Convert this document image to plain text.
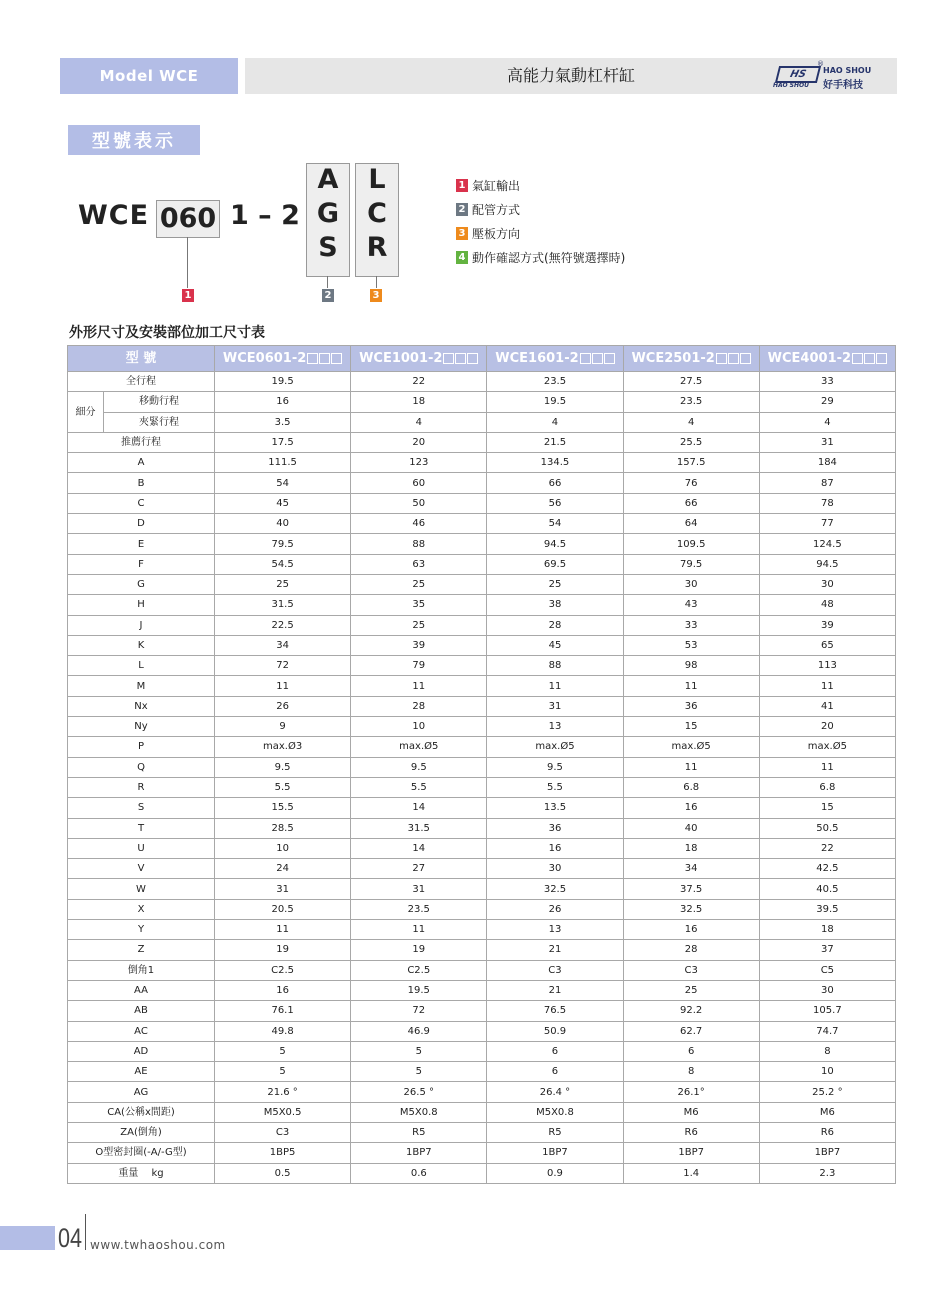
Model WCE	高能力氣動杠杆缸	HS
®
HAO SHOU
HAO SHOU
好手科技
型號表示
WCE 060 1 – 2
A
G
S
L
C
R
1	2	3
1 氣缸輸出
2 配管方式
3 壓板方向
4 動作確認方式(無符號選擇時)
外形尺寸及安裝部位加工尺寸表
型 號		WCE0601-2	WCE1001-2	WCE1601-2	WCE2501-2	WCE4001-2
全行程		19.5	22	23.5	27.5	33
細分	移動行程	16	18	19.5	23.5	29
	夾緊行程	3.5	4	4	4	4
推薦行程		17.5	20	21.5	25.5	31
A		111.5	123	134.5	157.5	184
B		54	60	66	76	87
C		45	50	56	66	78
D		40	46	54	64	77
E		79.5	88	94.5	109.5	124.5
F		54.5	63	69.5	79.5	94.5
G		25	25	25	30	30
H		31.5	35	38	43	48
J		22.5	25	28	33	39
K		34	39	45	53	65
L		72	79	88	98	113
M		11	11	11	11	11
Nx		26	28	31	36	41
Ny		9	10	13	15	20
P		max.Ø3	max.Ø5	max.Ø5	max.Ø5	max.Ø5
Q		9.5	9.5	9.5	11	11
R		5.5	5.5	5.5	6.8	6.8
S		15.5	14	13.5	16	15
T		28.5	31.5	36	40	50.5
U		10	14	16	18	22
V		24	27	30	34	42.5
W		31	31	32.5	37.5	40.5
X		20.5	23.5	26	32.5	39.5
Y		11	11	13	16	18
Z		19	19	21	28	37
倒角1		C2.5	C2.5	C3	C3	C5
AA		16	19.5	21	25	30
AB		76.1	72	76.5	92.2	105.7
AC		49.8	46.9	50.9	62.7	74.7
AD		5	5	6	6	8
AE		5	5	6	8	10
AG		21.6 °	26.5 °	26.4 °	26.1°	25.2 °
CA(公稱x間距)		M5X0.5	M5X0.8	M5X0.8	M6	M6
ZA(倒角)		C3	R5	R5	R6	R6
O型密封圈(-A/-G型)		1BP5	1BP7	1BP7	1BP7	1BP7
重量　 kg		0.5	0.6	0.9	1.4	2.3
04 www.twhaoshou.com
